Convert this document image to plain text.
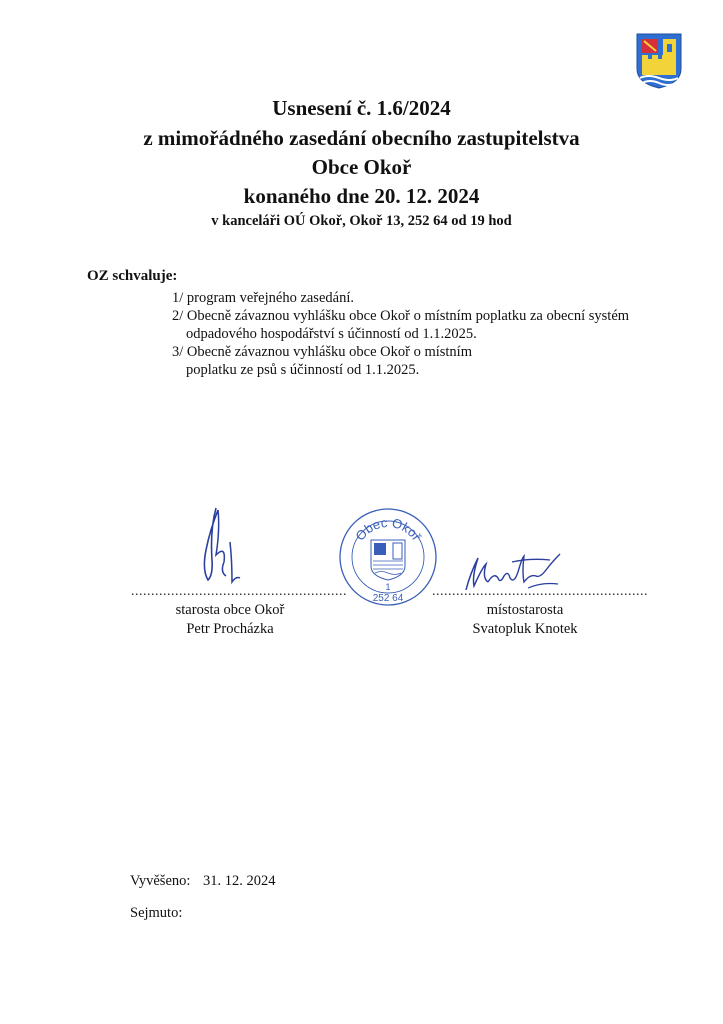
Usnesení č. 1.6/2024
z mimořádného zasedání obecního zastupitelstva
Obce Okoř
konaného dne 20. 12. 2024
v kanceláři OÚ Okoř, Okoř 13, 252 64 od 19 hod
OZ schvaluje:
1/ program veřejného zasedání.
2/ Obecně závaznou vyhlášku obce Okoř o místním poplatku za obecní systém
odpadového hospodářství s účinností od 1.1.2025.
3/ Obecně závaznou vyhlášku obce Okoř o místním
poplatku ze psů s účinností od 1.1.2025.
Obec Okoř
1
252 64
......................................................	......................................................
starosta obce Okoř
Petr Procházka
místostarosta
Svatopluk Knotek
Vyvěšeno: 31. 12. 2024
Sejmuto:
